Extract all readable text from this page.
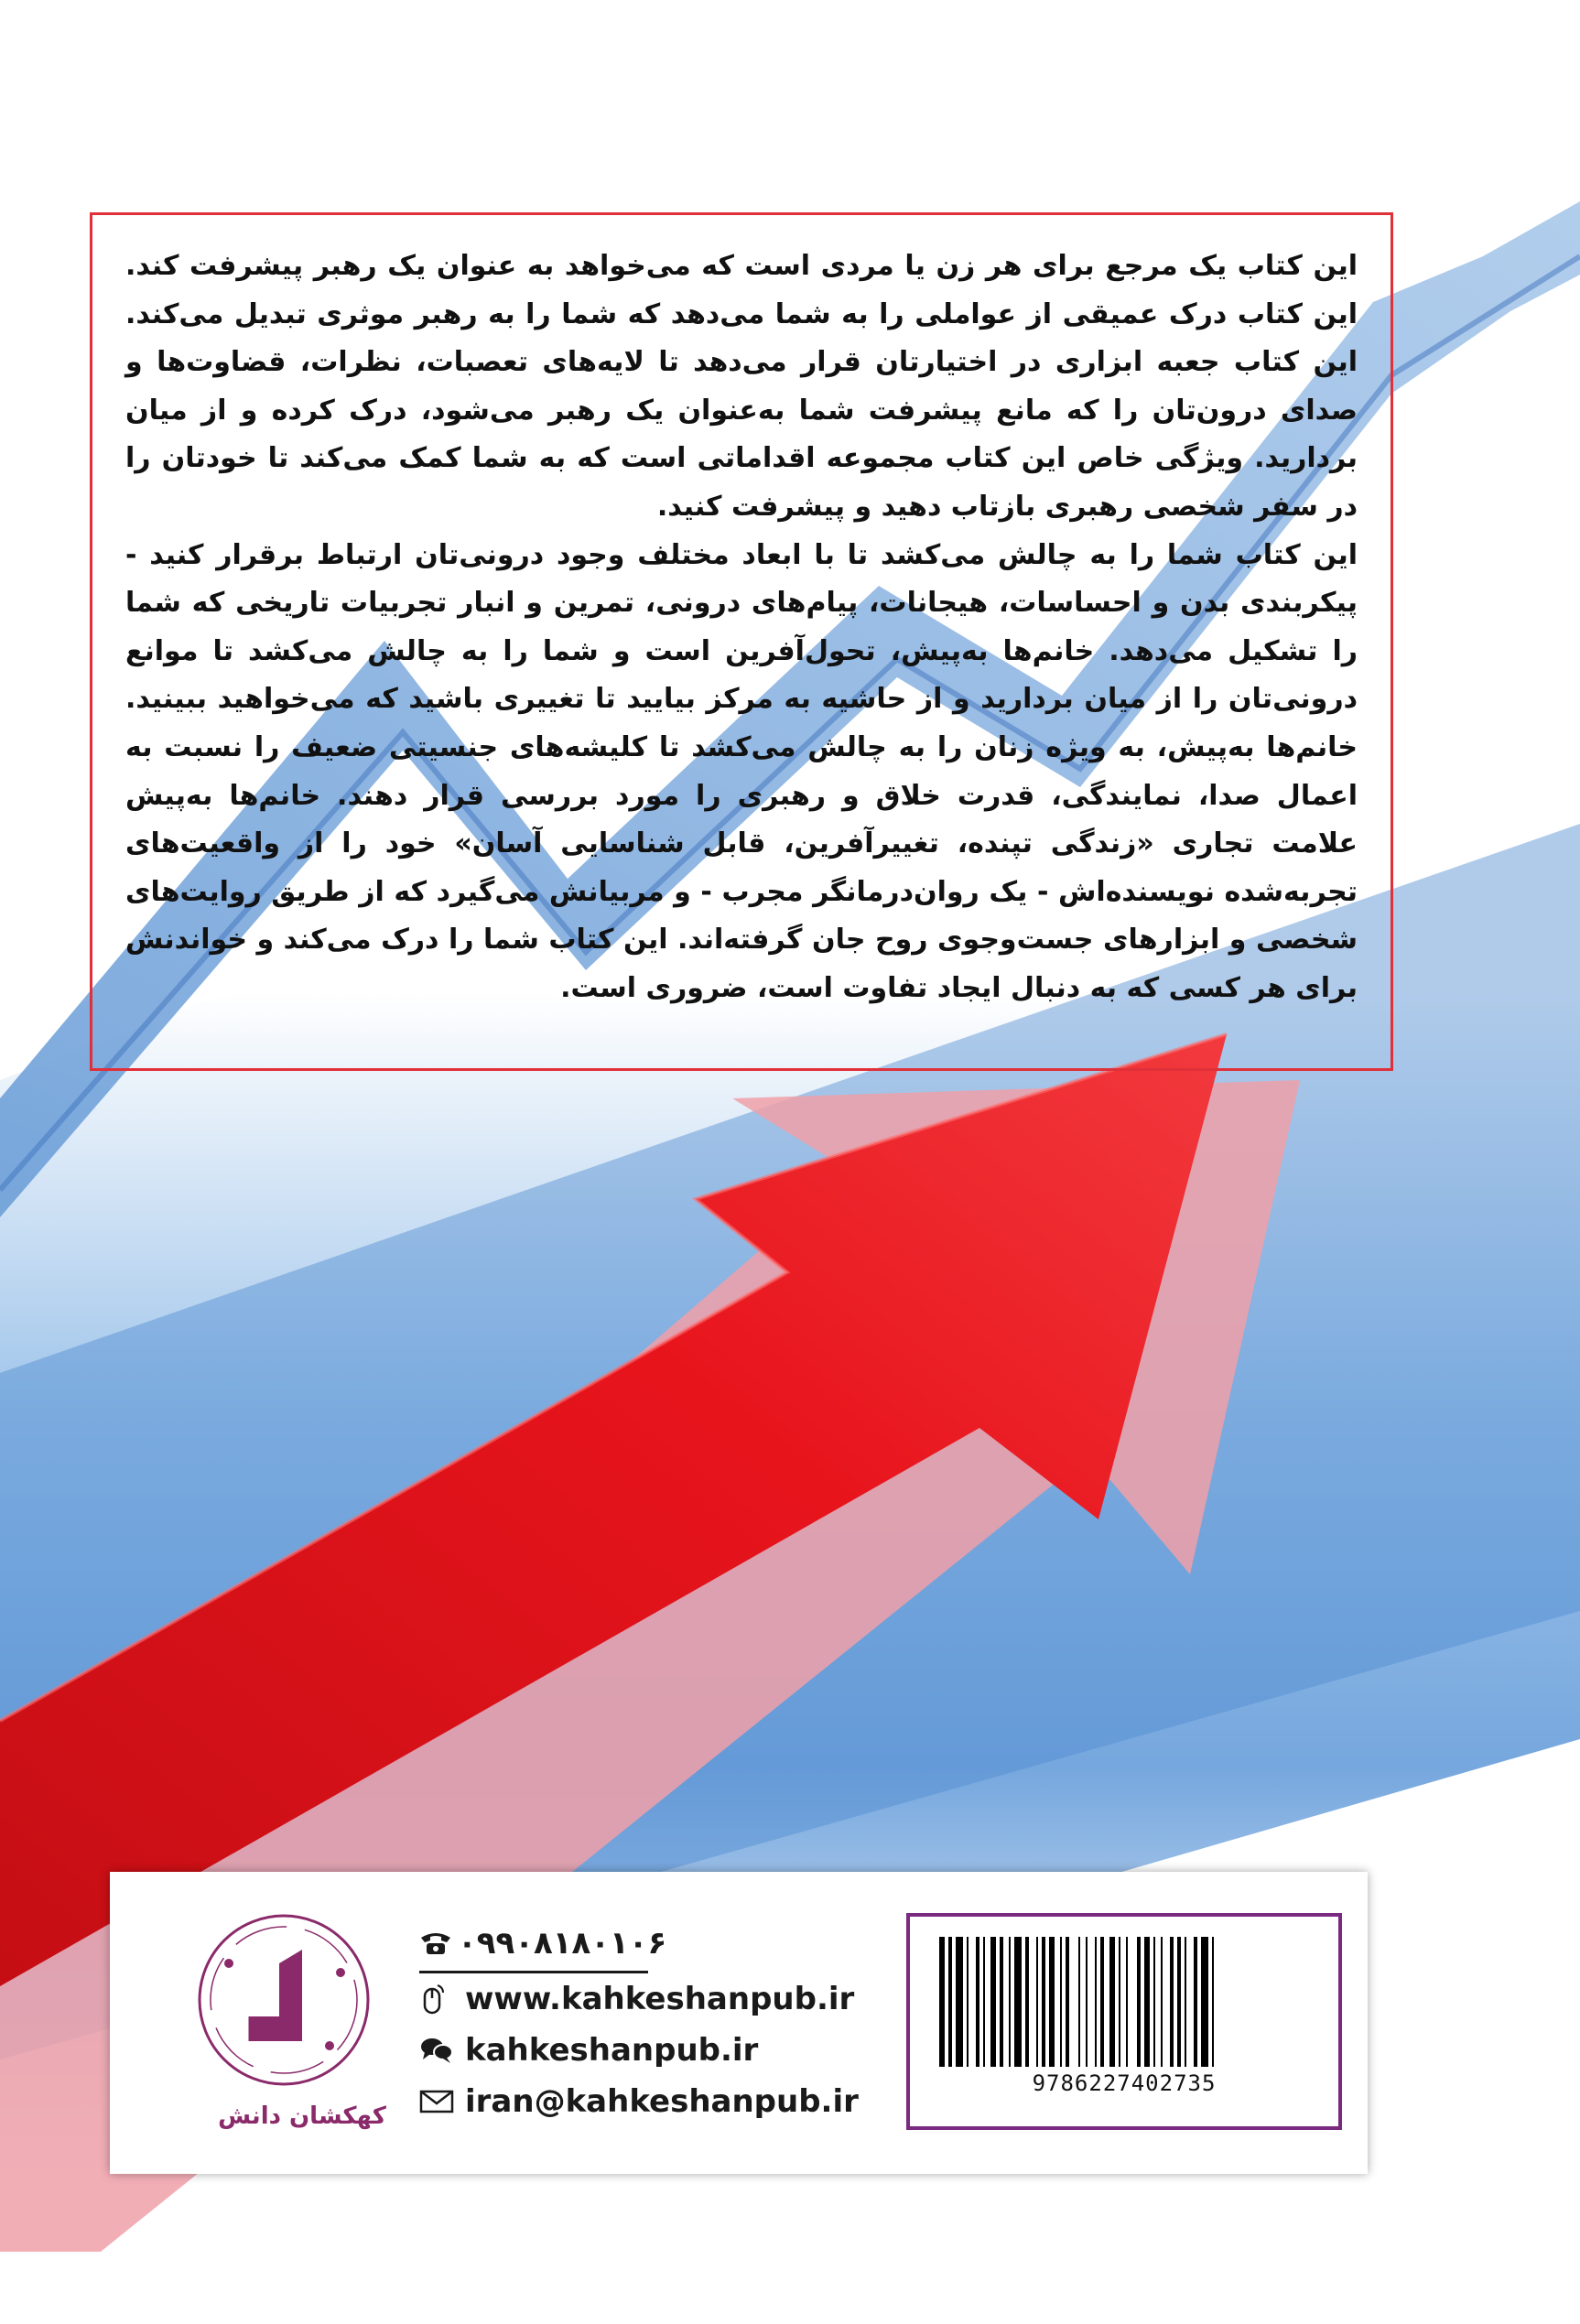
این کتاب یک مرجع برای هر زن یا مردی است که می‌خواهد به عنوان یک رهبر پیشرفت کند. این کتاب درک عمیقی از عواملی را به شما می‌دهد که شما را به رهبر موثری تبدیل می‌کند. این کتاب جعبه ابزاری در اختیارتان قرار می‌دهد تا لایه‌های تعصبات، نظرات، قضاوت‌ها و صدای درون‌تان را که مانع پیشرفت شما به‌عنوان یک رهبر می‌شود، درک کرده و از میان بردارید. ویژگی خاص این کتاب مجموعه اقداماتی است که به شما کمک می‌کند تا خودتان را در سفر شخصی رهبری بازتاب دهید و پیشرفت کنید.

این کتاب شما را به چالش می‌کشد تا با ابعاد مختلف وجود درونی‌تان ارتباط برقرار کنید - پیکربندی بدن و احساسات، هیجانات، پیام‌های درونی، تمرین و انبار تجربیات تاریخی که شما را تشکیل می‌دهد. خانم‌ها به‌پیش، تحول‌آفرین است و شما را به چالش می‌کشد تا موانع درونی‌تان را از میان بردارید و از حاشیه به مرکز بیایید تا تغییری باشید که می‌خواهید ببینید. خانم‌ها به‌پیش، به ویژه زنان را به چالش می‌کشد تا کلیشه‌های جنسیتی ضعیف را نسبت به اعمال صدا، نمایندگی، قدرت خلاق و رهبری را مورد بررسی قرار دهند. خانم‌ها به‌پیش علامت تجاری «زندگی تپنده، تغییرآفرین، قابل شناسایی آسان» خود را از واقعیت‌های تجربه‌شده نویسنده‌اش - یک روان‌درمانگر مجرب - و مربیانش می‌گیرد که از طریق روایت‌های شخصی و ابزارهای جست‌وجوی روح جان گرفته‌اند. این کتاب شما را درک می‌کند و خواندنش برای هر کسی که به دنبال ایجاد تفاوت است، ضروری است.

کهکشان دانش
۰۹۹۰۸۱۸۰۱۰۶
www.kahkeshanpub.ir
kahkeshanpub.ir
iran@kahkeshanpub.ir	9786227402735
